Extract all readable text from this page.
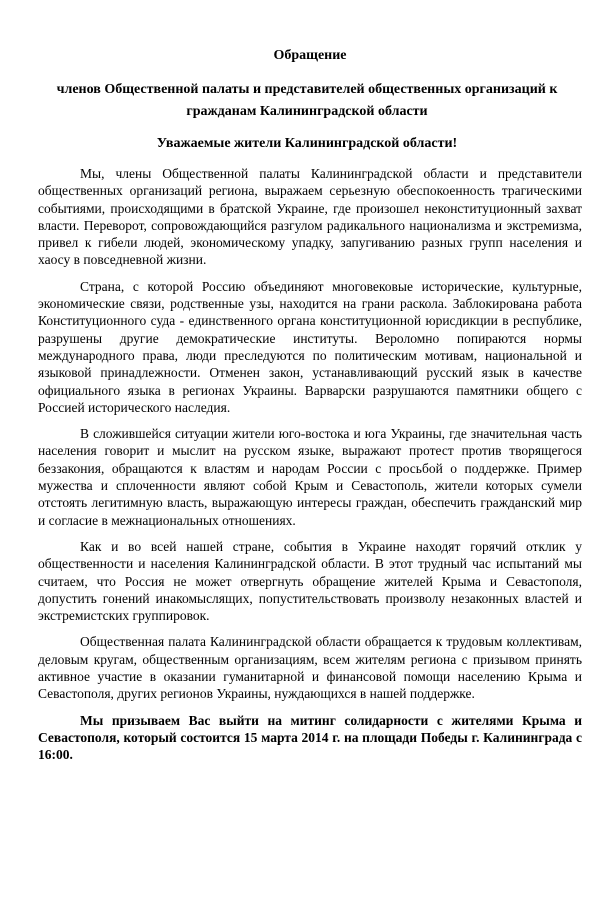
Обращение
членов Общественной палаты и представителей общественных организаций к гражданам Калининградской области
Уважаемые жители Калининградской области!

Мы, члены Общественной палаты Калининградской области и представители общественных организаций региона, выражаем серьезную обеспокоенность трагическими событиями, происходящими в братской Украине, где произошел неконституционный захват власти. Переворот, сопровождающийся разгулом радикального национализма и экстремизма, привел к гибели людей, экономическому упадку, запугиванию разных групп населения и хаосу в повседневной жизни.

Страна, с которой Россию объединяют многовековые исторические, культурные, экономические связи, родственные узы, находится на грани раскола. Заблокирована работа Конституционного суда - единственного органа конституционной юрисдикции в республике, разрушены другие демократические институты. Вероломно попираются нормы международного права, люди преследуются по политическим мотивам, национальной и языковой принадлежности. Отменен закон, устанавливающий русский язык в качестве официального языка в регионах Украины. Варварски разрушаются памятники общего с Россией исторического наследия.

В сложившейся ситуации жители юго-востока и юга Украины, где значительная часть населения говорит и мыслит на русском языке, выражают протест против творящегося беззакония, обращаются к властям и народам России с просьбой о поддержке. Пример мужества и сплоченности являют собой Крым и Севастополь, жители которых сумели отстоять легитимную власть, выражающую интересы граждан, обеспечить гражданский мир и согласие в межнациональных отношениях.

Как и во всей нашей стране, события в Украине находят горячий отклик у общественности и населения Калининградской области. В этот трудный час испытаний мы считаем, что Россия не может отвергнуть обращение жителей Крыма и Севастополя, допустить гонений инакомыслящих, попустительствовать произволу незаконных властей и экстремистских группировок.

Общественная палата Калининградской области обращается к трудовым коллективам, деловым кругам, общественным организациям, всем жителям региона с призывом принять активное участие в оказании гуманитарной и финансовой помощи населению Крыма и Севастополя, других регионов Украины, нуждающихся в нашей поддержке.

Мы призываем Вас выйти на митинг солидарности с жителями Крыма и Севастополя, который состоится 15 марта 2014 г. на площади Победы г. Калининграда с 16:00.
